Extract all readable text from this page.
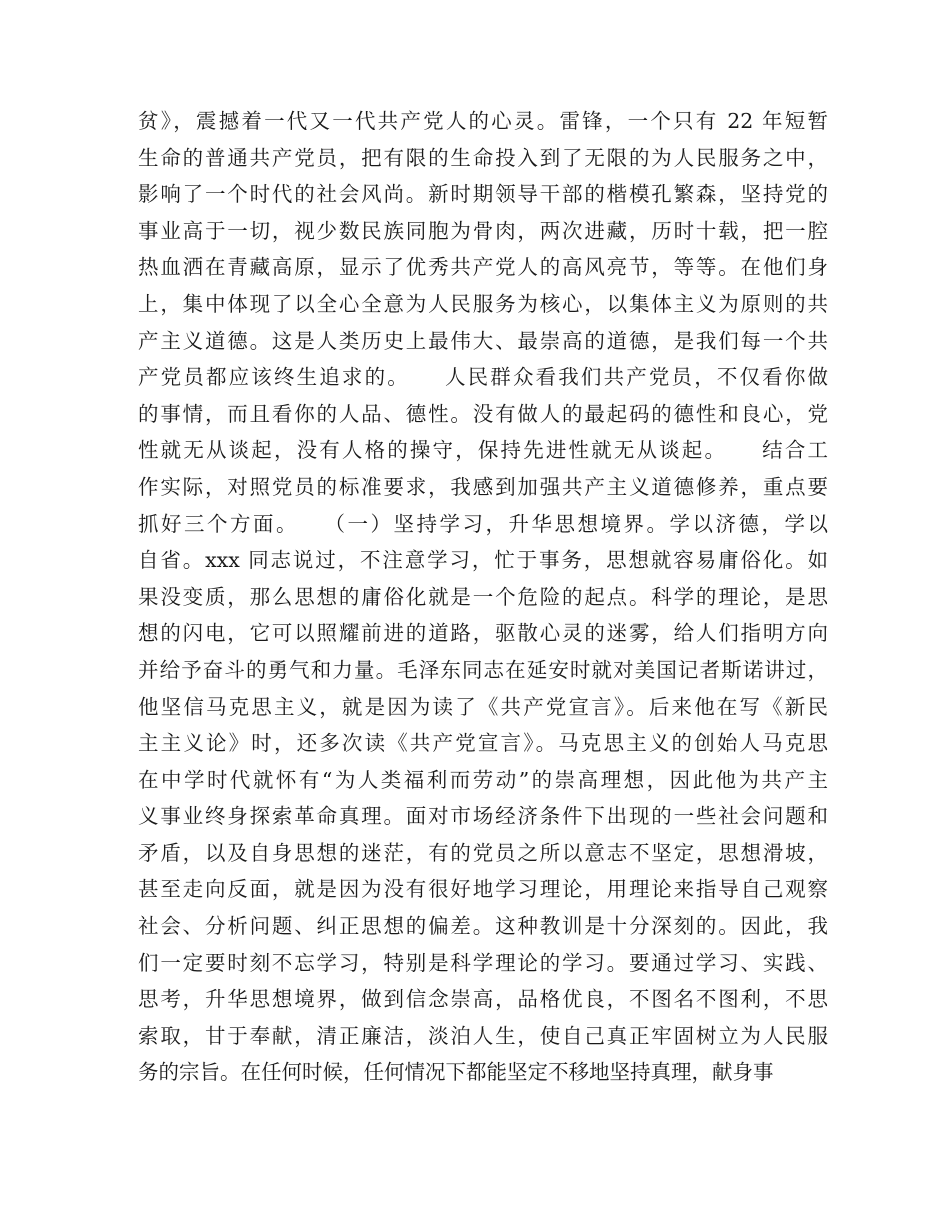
贫》，震撼着一代又一代共产党人的心灵。雷锋，一个只有 22 年短暂
生命的普通共产党员，把有限的生命投入到了无限的为人民服务之中，
影响了一个时代的社会风尚。新时期领导干部的楷模孔繁森，坚持党的
事业高于一切，视少数民族同胞为骨肉，两次进藏，历时十载，把一腔
热血洒在青藏高原，显示了优秀共产党人的高风亮节，等等。在他们身
上，集中体现了以全心全意为人民服务为核心，以集体主义为原则的共
产主义道德。这是人类历史上最伟大、最崇高的道德，是我们每一个共
产党员都应该终生追求的。　　人民群众看我们共产党员，不仅看你做
的事情，而且看你的人品、德性。没有做人的最起码的德性和良心，党
性就无从谈起，没有人格的操守，保持先进性就无从谈起。　　结合工
作实际，对照党员的标准要求，我感到加强共产主义道德修养，重点要
抓好三个方面。　　（一）坚持学习，升华思想境界。学以济德，学以
自省。xxx 同志说过，不注意学习，忙于事务，思想就容易庸俗化。如
果没变质，那么思想的庸俗化就是一个危险的起点。科学的理论，是思
想的闪电，它可以照耀前进的道路，驱散心灵的迷雾，给人们指明方向
并给予奋斗的勇气和力量。毛泽东同志在延安时就对美国记者斯诺讲过，
他坚信马克思主义，就是因为读了《共产党宣言》。后来他在写《新民
主主义论》时，还多次读《共产党宣言》。马克思主义的创始人马克思
在中学时代就怀有“为人类福利而劳动”的崇高理想，因此他为共产主
义事业终身探索革命真理。面对市场经济条件下出现的一些社会问题和
矛盾，以及自身思想的迷茫，有的党员之所以意志不坚定，思想滑坡，
甚至走向反面，就是因为没有很好地学习理论，用理论来指导自己观察
社会、分析问题、纠正思想的偏差。这种教训是十分深刻的。因此，我
们一定要时刻不忘学习，特别是科学理论的学习。要通过学习、实践、
思考，升华思想境界，做到信念崇高，品格优良，不图名不图利，不思
索取，甘于奉献，清正廉洁，淡泊人生，使自己真正牢固树立为人民服
务的宗旨。在任何时候，任何情况下都能坚定不移地坚持真理，献身事
